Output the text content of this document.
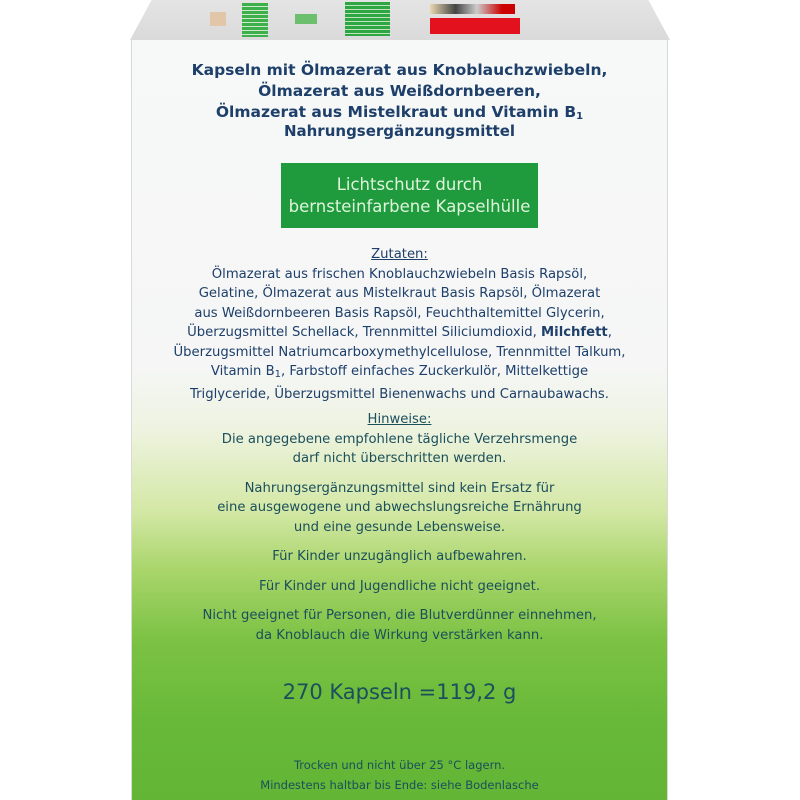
Kapseln mit Ölmazerat aus Knoblauchzwiebeln,
Ölmazerat aus Weißdornbeeren,
Ölmazerat aus Mistelkraut und Vitamin $B_1$
Nahrungsergänzungsmittel
Lichtschutz durch
bernsteinfarbene Kapselhülle
Zutaten:
Ölmazerat aus frischen Knoblauchzwiebeln Basis Rapsöl,
Gelatine, Ölmazerat aus Mistelkraut Basis Rapsöl, Ölmazerat
aus Weißdornbeeren Basis Rapsöl, Feuchthaltemittel Glycerin,
Überzugsmittel Schellack, Trennmittel Siliciumdioxid, Milchfett,
Überzugsmittel Natriumcarboxymethylcellulose, Trennmittel Talkum,
Vitamin $B_1$, Farbstoff einfaches Zuckerkulör, Mittelkettige
Triglyceride, Überzugsmittel Bienenwachs und Carnaubawachs.
Hinweise:

Die angegebene empfohlene tägliche Verzehrsmenge
darf nicht überschritten werden.

Nahrungsergänzungsmittel sind kein Ersatz für
eine ausgewogene und abwechslungsreiche Ernährung
und eine gesunde Lebensweise.

Für Kinder unzugänglich aufbewahren.

Für Kinder und Jugendliche nicht geeignet.

Nicht geeignet für Personen, die Blutverdünner einnehmen,
da Knoblauch die Wirkung verstärken kann.

270 Kapseln =119,2 g
Trocken und nicht über 25 °C lagern.
Mindestens haltbar bis Ende: siehe Bodenlasche
